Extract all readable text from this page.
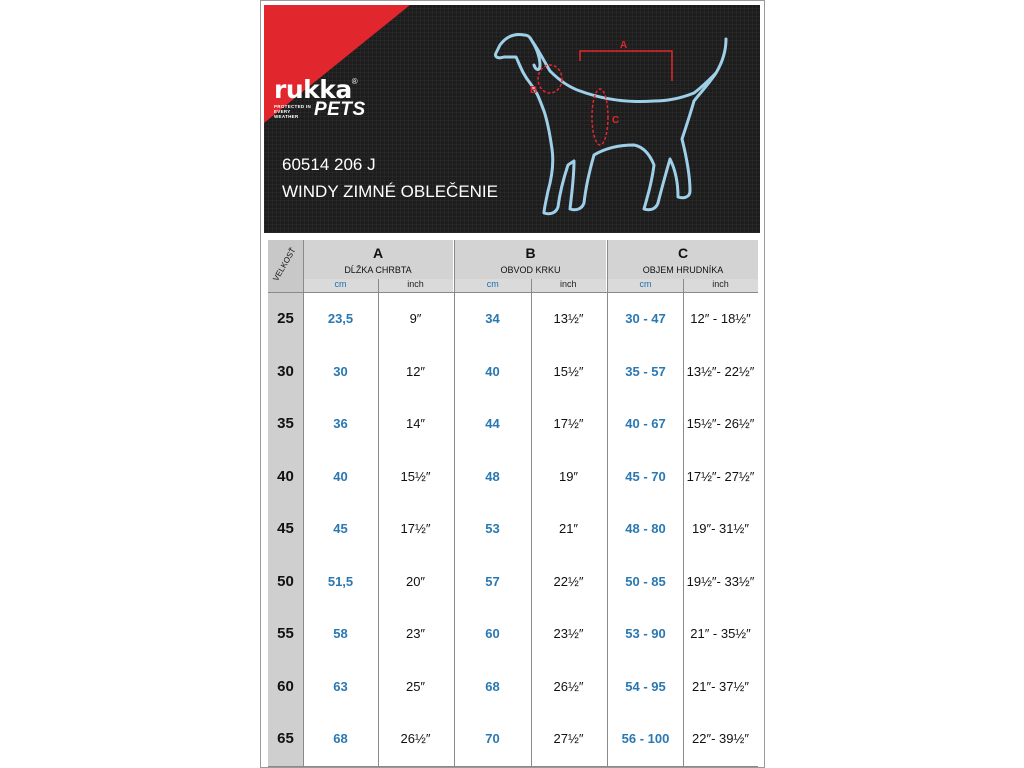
rukka®
PROTECTED IN EVERY WEATHER PETS
60514 206 J
WINDY ZIMNÉ OBLEČENIE
A
B
C
VELKOSŤ	A
DĹŽKA CHRBTA
cm	inch
B
OBVOD KRKU
cm	inch
C
OBJEM HRUDNÍKA
cm	inch
25	23,5	9″	34	13½″	30 - 47	12″ - 18½″
30	30	12″	40	15½″	35 - 57	13½″- 22½″
35	36	14″	44	17½″	40 - 67	15½″- 26½″
40	40	15½″	48	19″	45 - 70	17½″- 27½″
45	45	17½″	53	21″	48 - 80	19″- 31½″
50	51,5	20″	57	22½″	50 - 85	19½″- 33½″
55	58	23″	60	23½″	53 - 90	21″ - 35½″
60	63	25″	68	26½″	54 - 95	21″- 37½″
65	68	26½″	70	27½″	56 - 100	22″- 39½″
